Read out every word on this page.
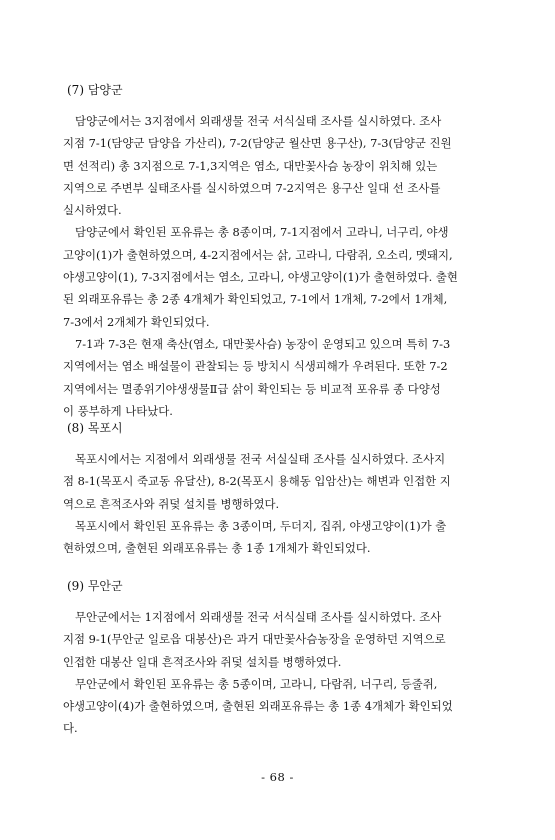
(7) 담양군

담양군에서는 3지점에서 외래생물 전국 서식실태 조사를 실시하였다. 조사
지점 7-1(담양군 담양읍 가산리), 7-2(담양군 월산면 용구산), 7-3(담양군 진원
면 선적리) 총 3지점으로 7-1,3지역은 염소, 대만꽃사슴 농장이 위치해 있는
지역으로 주변부 실태조사를 실시하였으며 7-2지역은 용구산 일대 선 조사를
실시하였다.

담양군에서 확인된 포유류는 총 8종이며, 7-1지점에서 고라니, 너구리, 야생
고양이(1)가 출현하였으며, 4-2지점에서는 삵, 고라니, 다람쥐, 오소리, 멧돼지,
야생고양이(1), 7-3지점에서는 염소, 고라니, 야생고양이(1)가 출현하였다. 출현
된 외래포유류는 총 2종 4개체가 확인되었고, 7-1에서 1개체, 7-2에서 1개체,
7-3에서 2개체가 확인되었다.

7-1과 7-3은 현재 축산(염소, 대만꽃사슴) 농장이 운영되고 있으며 특히 7-3
지역에서는 염소 배설물이 관찰되는 등 방치시 식생피해가 우려된다. 또한 7-2
지역에서는 멸종위기야생생물Ⅱ급 삵이 확인되는 등 비교적 포유류 종 다양성
이 풍부하게 나타났다.

(8) 목포시

목포시에서는 지점에서 외래생물 전국 서실실태 조사를 실시하였다. 조사지
점 8-1(목포시 죽교동 유달산), 8-2(목포시 용해동 입암산)는 해변과 인접한 지
역으로 흔적조사와 쥐덫 설치를 병행하였다.

목포시에서 확인된 포유류는 총 3종이며, 두더지, 집쥐, 야생고양이(1)가 출
현하였으며, 출현된 외래포유류는 총 1종 1개체가 확인되었다.

(9) 무안군

무안군에서는 1지점에서 외래생물 전국 서식실태 조사를 실시하였다. 조사
지점 9-1(무안군 일로읍 대봉산)은 과거 대만꽃사슴농장을 운영하던 지역으로
인접한 대봉산 일대 흔적조사와 쥐덫 설치를 병행하였다.

무안군에서 확인된 포유류는 총 5종이며, 고라니, 다람쥐, 너구리, 등줄쥐,
야생고양이(4)가 출현하였으며, 출현된 외래포유류는 총 1종 4개체가 확인되었
다.

- 68 -
